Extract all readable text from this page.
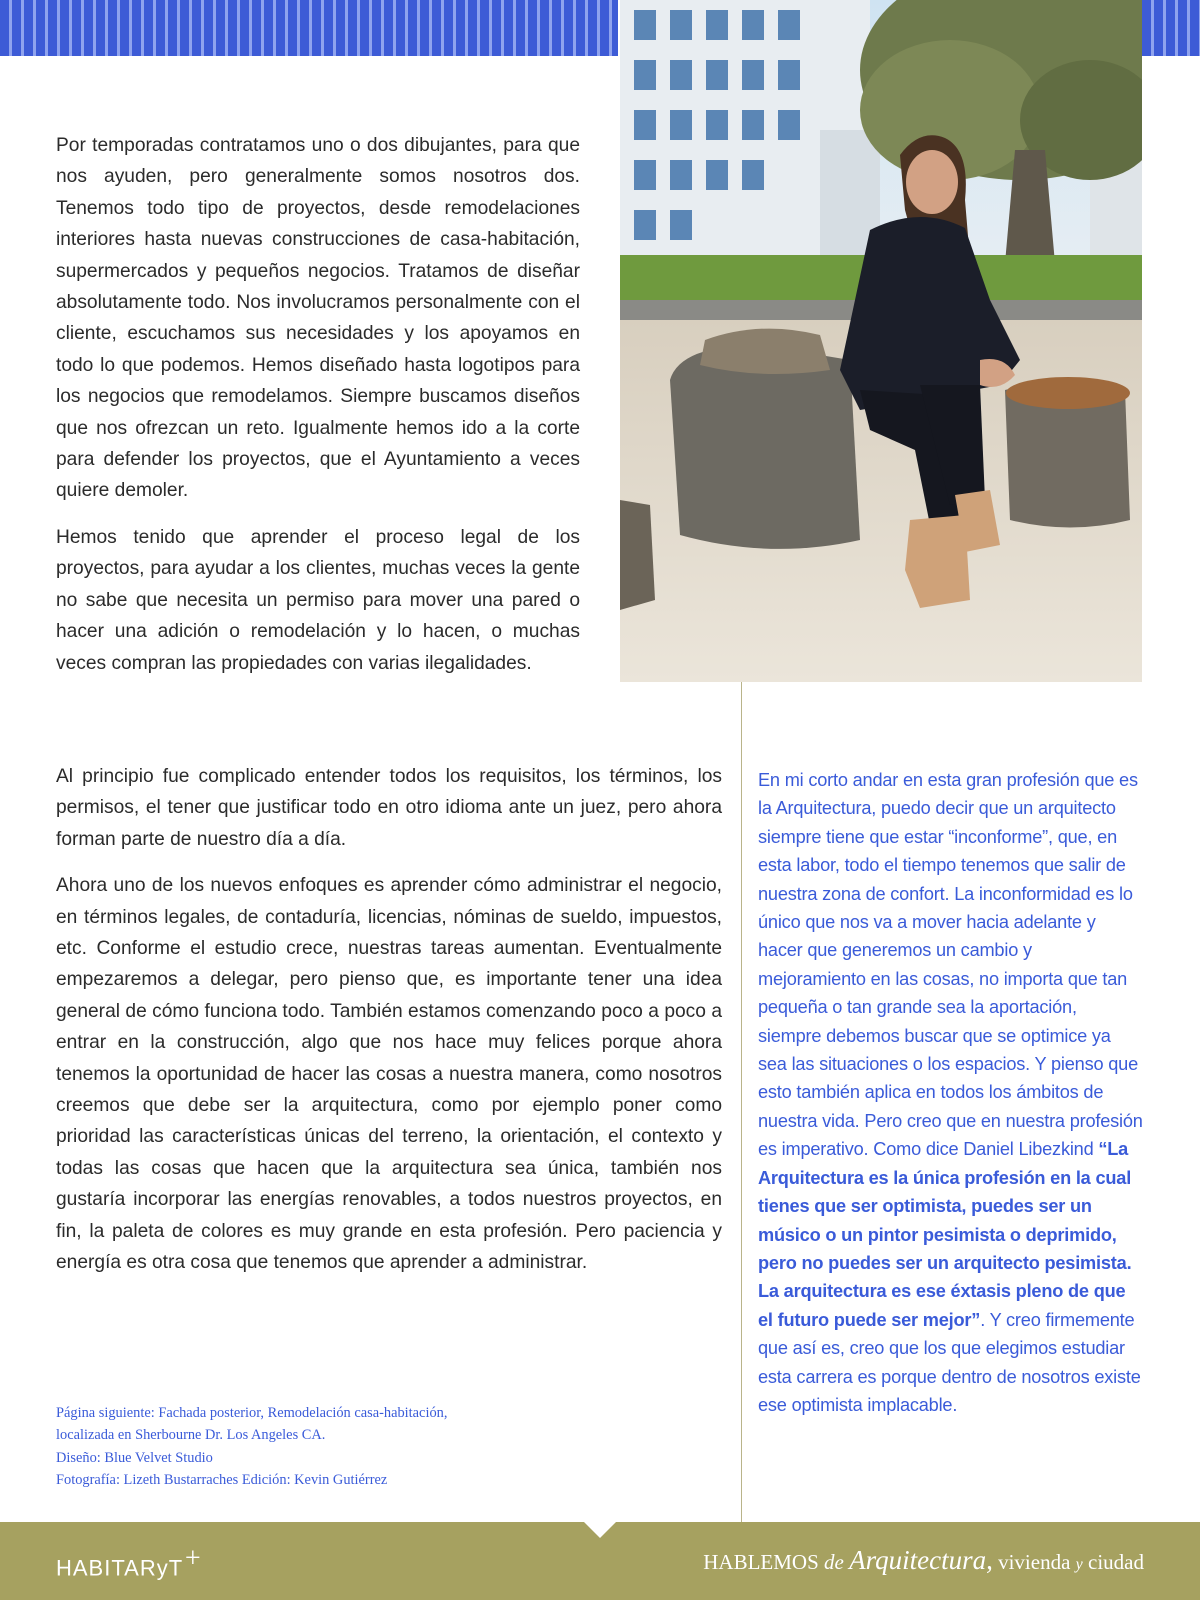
Por temporadas contratamos uno o dos dibujantes, para que nos ayuden, pero generalmente somos nosotros dos. Tenemos todo tipo de proyectos, desde remodelaciones interiores hasta nuevas construcciones de casa-habitación, supermercados y pequeños negocios. Tratamos de diseñar absolutamente todo. Nos involucramos personalmente con el cliente, escuchamos sus necesidades y los apoyamos en todo lo que podemos. Hemos diseñado hasta logotipos para los negocios que remodelamos. Siempre buscamos diseños que nos ofrezcan un reto. Igualmente hemos ido a la corte para defender los proyectos, que el Ayuntamiento a veces quiere demoler.

Hemos tenido que aprender el proceso legal de los proyectos, para ayudar a los clientes, muchas veces la gente no sabe que necesita un permiso para mover una pared o hacer una adición o remodelación y lo hacen, o muchas veces compran las propiedades con varias ilegalidades.

Al principio fue complicado entender todos los requisitos, los términos, los permisos, el tener que justificar todo en otro idioma ante un juez, pero ahora forman parte de nuestro día a día.

Ahora uno de los nuevos enfoques es aprender cómo administrar el negocio, en términos legales, de contaduría, licencias, nóminas de sueldo, impuestos, etc. Conforme el estudio crece, nuestras tareas aumentan. Eventualmente empezaremos a delegar, pero pienso que, es importante tener una idea general de cómo funciona todo. También estamos comenzando poco a poco a entrar en la construcción, algo que nos hace muy felices porque ahora tenemos la oportunidad de hacer las cosas a nuestra manera, como nosotros creemos que debe ser la arquitectura, como por ejemplo poner como prioridad las características únicas del terreno, la orientación, el contexto y todas las cosas que hacen que la arquitectura sea única, también nos gustaría incorporar las energías renovables, a todos nuestros proyectos, en fin, la paleta de colores es muy grande en esta profesión. Pero paciencia y energía es otra cosa que tenemos que aprender a administrar.

En mi corto andar en esta gran profesión que es la Arquitectura, puedo decir que un arquitecto siempre tiene que estar “inconforme”, que, en esta labor, todo el tiempo tenemos que salir de nuestra zona de confort. La inconformidad es lo único que nos va a mover hacia adelante y hacer que generemos un cambio y mejoramiento en las cosas, no importa que tan pequeña o tan grande sea la aportación, siempre debemos buscar que se optimice ya sea las situaciones o los espacios. Y pienso que esto también aplica en todos los ámbitos de nuestra vida. Pero creo que en nuestra profesión es imperativo. Como dice Daniel Libezkind “La Arquitectura es la única profesión en la cual tienes que ser optimista, puedes ser un músico o un pintor pesimista o deprimido, pero no puedes ser un arquitecto pesimista. La arquitectura es ese éxtasis pleno de que el futuro puede ser mejor”. Y creo firmemente que así es, creo que los que elegimos estudiar esta carrera es porque dentro de nosotros existe ese optimista implacable.
Página siguiente: Fachada posterior, Remodelación casa-habitación, localizada en Sherbourne Dr. Los Angeles CA.
Diseño: Blue Velvet Studio
Fotografía: Lizeth Bustarraches Edición: Kevin Gutiérrez
HABITARyT+	HABLEMOS de Arquitectura, vivienda y ciudad
